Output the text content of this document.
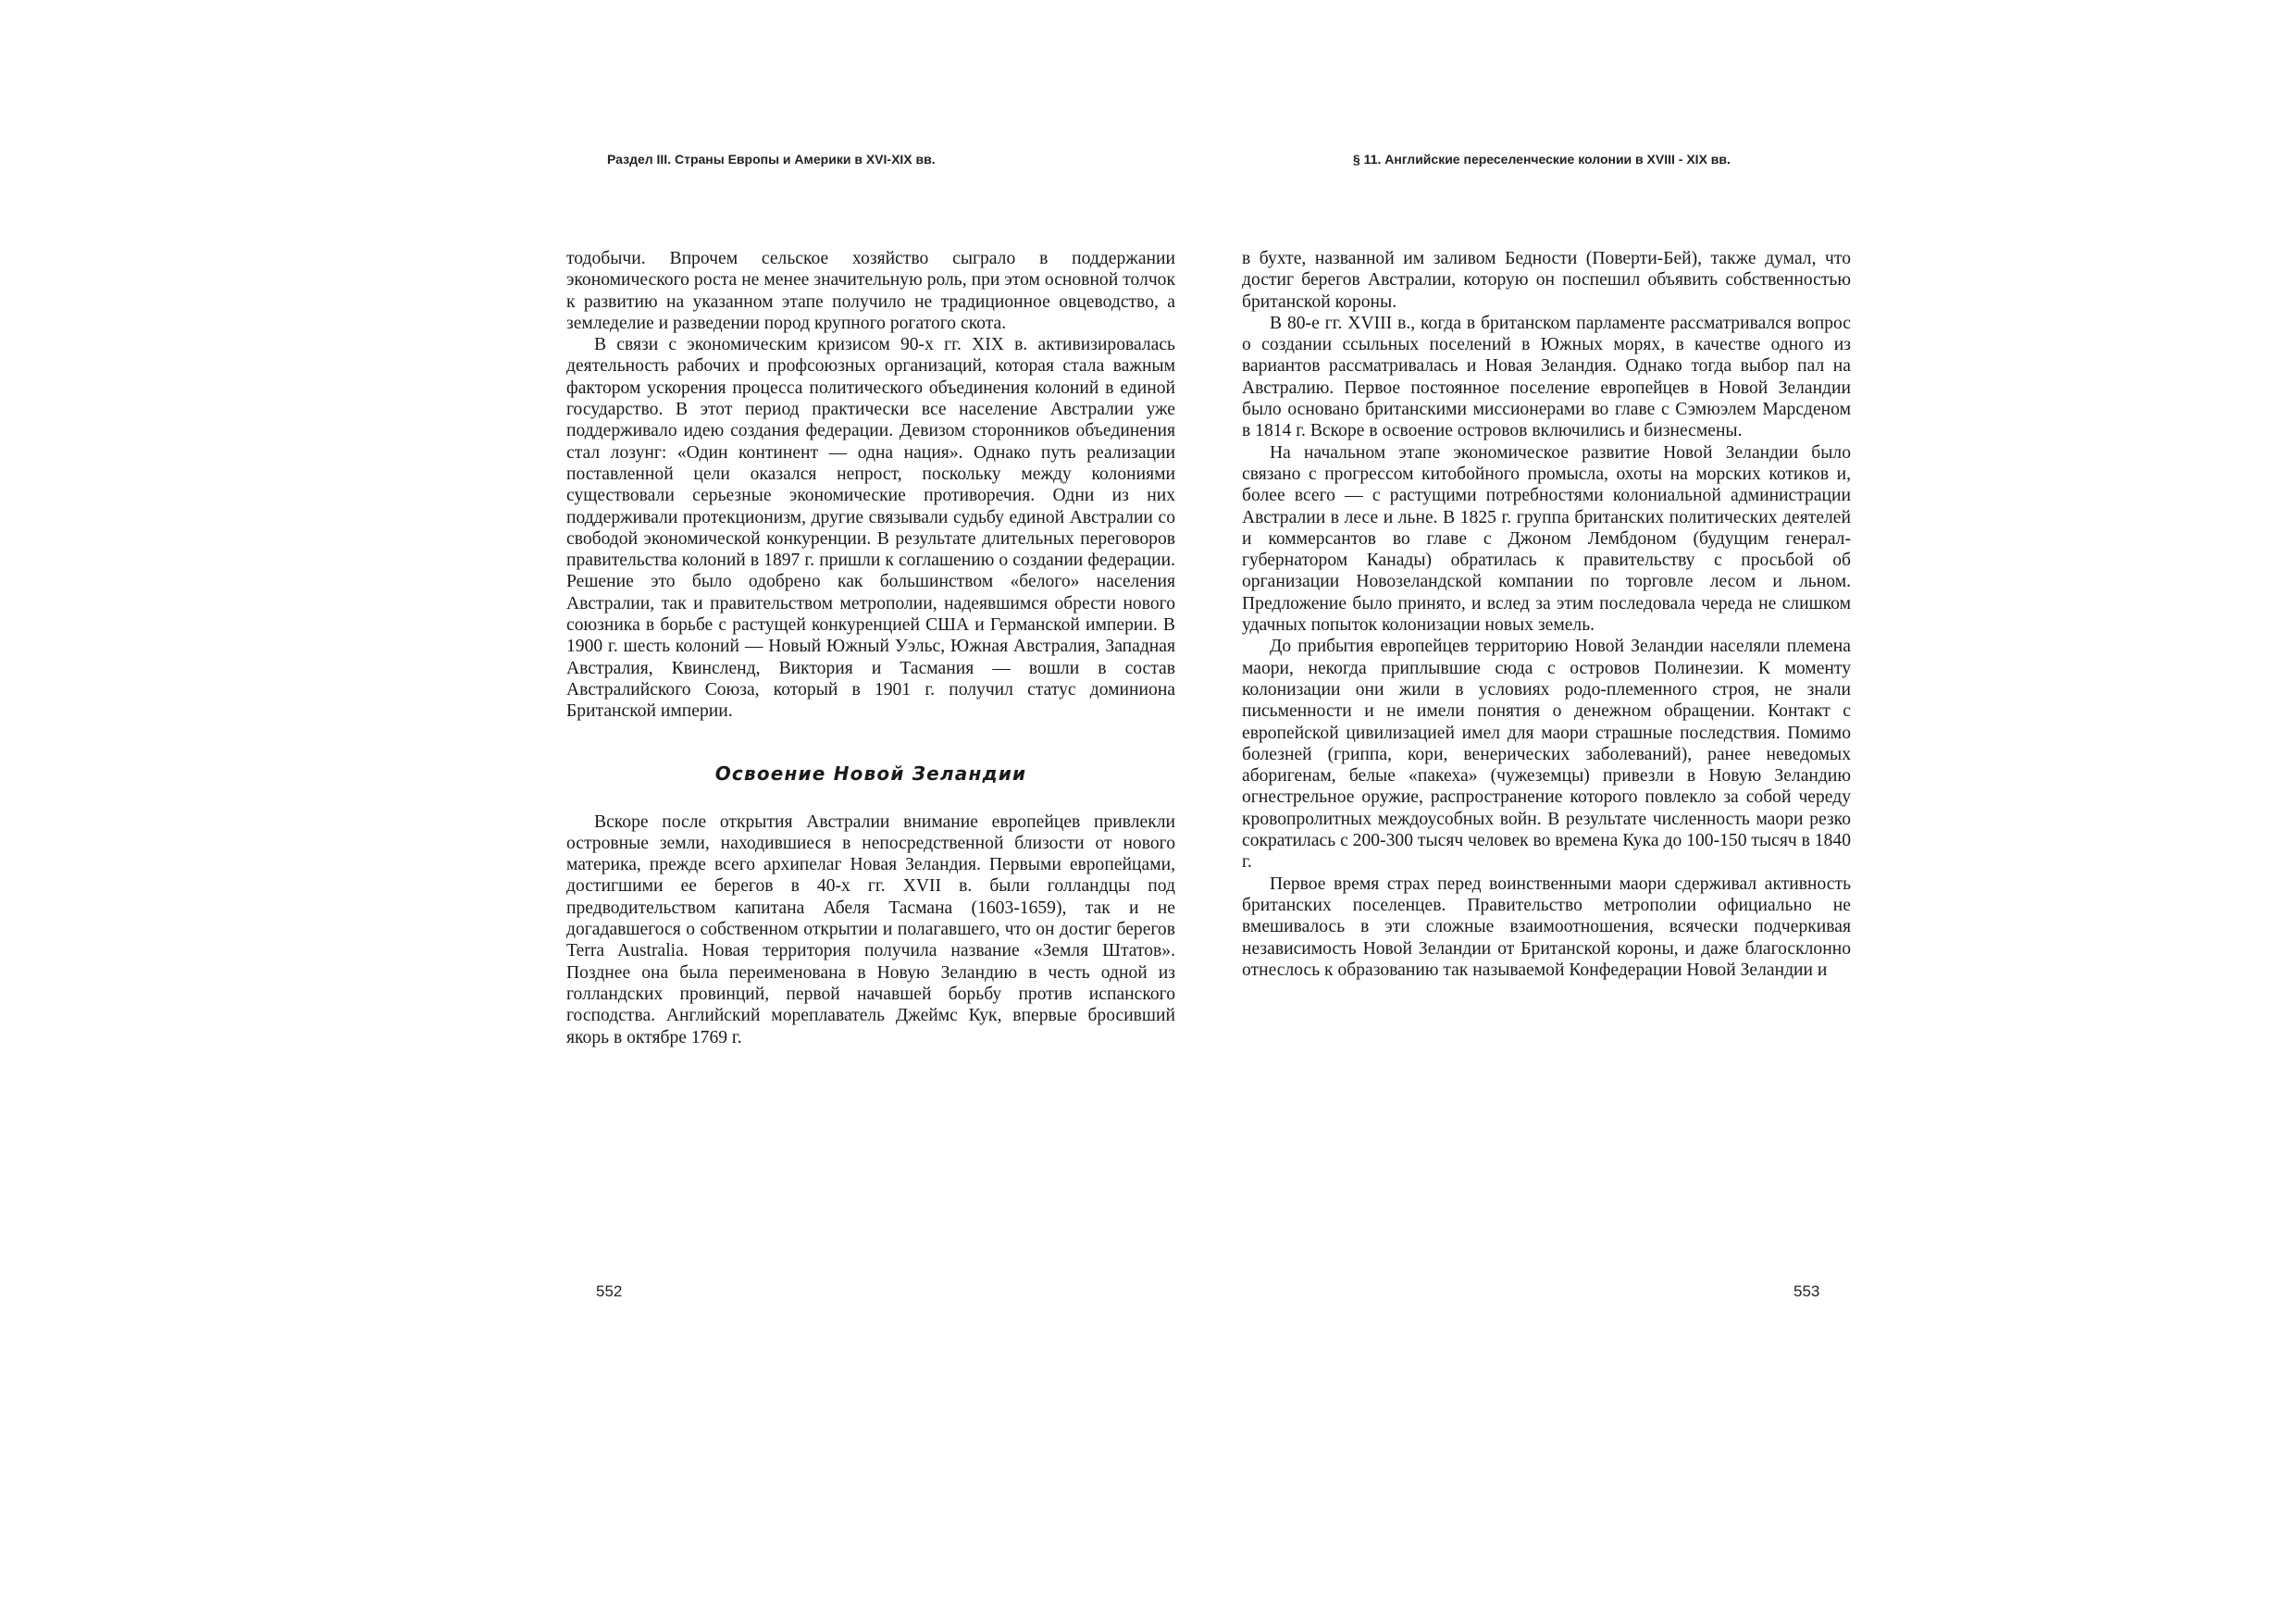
Раздел III. Страны Европы и Америки в XVI-XIX вв.	§ 11. Английские переселенческие колонии в XVIII - XIX вв.

тодобычи. Впрочем сельское хозяйство сыграло в поддержании экономического роста не менее значительную роль, при этом основной толчок к развитию на указанном этапе получило не традиционное овцеводство, а земледелие и разведении пород крупного рогатого скота.

В связи с экономическим кризисом 90-х гг. XIX в. активизировалась деятельность рабочих и профсоюзных организаций, которая стала важным фактором ускорения процесса политического объединения колоний в единой государство. В этот период практически все население Австралии уже поддерживало идею создания федерации. Девизом сторонников объединения стал лозунг: «Один континент — одна нация». Однако путь реализации поставленной цели оказался непрост, поскольку между колониями существовали серьезные экономические противоречия. Одни из них поддерживали протекционизм, другие связывали судьбу единой Австралии со свободой экономической конкуренции. В результате длительных переговоров правительства колоний в 1897 г. пришли к соглашению о создании федерации. Решение это было одобрено как большинством «белого» населения Австралии, так и правительством метрополии, надеявшимся обрести нового союзника в борьбе с растущей конкуренцией США и Германской империи. В 1900 г. шесть колоний — Новый Южный Уэльс, Южная Австралия, Западная Австралия, Квинсленд, Виктория и Тасмания — вошли в состав Австралийского Союза, который в 1901 г. получил статус доминиона Британской империи.

Освоение Новой Зеландии

Вскоре после открытия Австралии внимание европейцев привлекли островные земли, находившиеся в непосредственной близости от нового материка, прежде всего архипелаг Новая Зеландия. Первыми европейцами, достигшими ее берегов в 40-х гг. XVII в. были голландцы под предводительством капитана Абеля Тасмана (1603-1659), так и не догадавшегося о собственном открытии и полагавшего, что он достиг берегов Terra Australia. Новая территория получила название «Земля Штатов». Позднее она была переименована в Новую Зеландию в честь одной из голландских провинций, первой начавшей борьбу против испанского господства. Английский мореплаватель Джеймс Кук, впервые бросивший якорь в октябре 1769 г.

в бухте, названной им заливом Бедности (Поверти-Бей), также думал, что достиг берегов Австралии, которую он поспешил объявить собственностью британской короны.

В 80-е гг. XVIII в., когда в британском парламенте рассматривался вопрос о создании ссыльных поселений в Южных морях, в качестве одного из вариантов рассматривалась и Новая Зеландия. Однако тогда выбор пал на Австралию. Первое постоянное поселение европейцев в Новой Зеландии было основано британскими миссионерами во главе с Сэмюэлем Марсденом в 1814 г. Вскоре в освоение островов включились и бизнесмены.

На начальном этапе экономическое развитие Новой Зеландии было связано с прогрессом китобойного промысла, охоты на морских котиков и, более всего — с растущими потребностями колониальной администрации Австралии в лесе и льне. В 1825 г. группа британских политических деятелей и коммерсантов во главе с Джоном Лембдоном (будущим генерал-губернатором Канады) обратилась к правительству с просьбой об организации Новозеландской компании по торговле лесом и льном. Предложение было принято, и вслед за этим последовала череда не слишком удачных попыток колонизации новых земель.

До прибытия европейцев территорию Новой Зеландии населяли племена маори, некогда приплывшие сюда с островов Полинезии. К моменту колонизации они жили в условиях родо-племенного строя, не знали письменности и не имели понятия о денежном обращении. Контакт с европейской цивилизацией имел для маори страшные последствия. Помимо болезней (гриппа, кори, венерических заболеваний), ранее неведомых аборигенам, белые «пакеха» (чужеземцы) привезли в Новую Зеландию огнестрельное оружие, распространение которого повлекло за собой череду кровопролитных междоусобных войн. В результате численность маори резко сократилась с 200-300 тысяч человек во времена Кука до 100-150 тысяч в 1840 г.

Первое время страх перед воинственными маори сдерживал активность британских поселенцев. Правительство метрополии официально не вмешивалось в эти сложные взаимоотношения, всячески подчеркивая независимость Новой Зеландии от Британской короны, и даже благосклонно отнеслось к образованию так называемой Конфедерации Новой Зеландии и

552	553
